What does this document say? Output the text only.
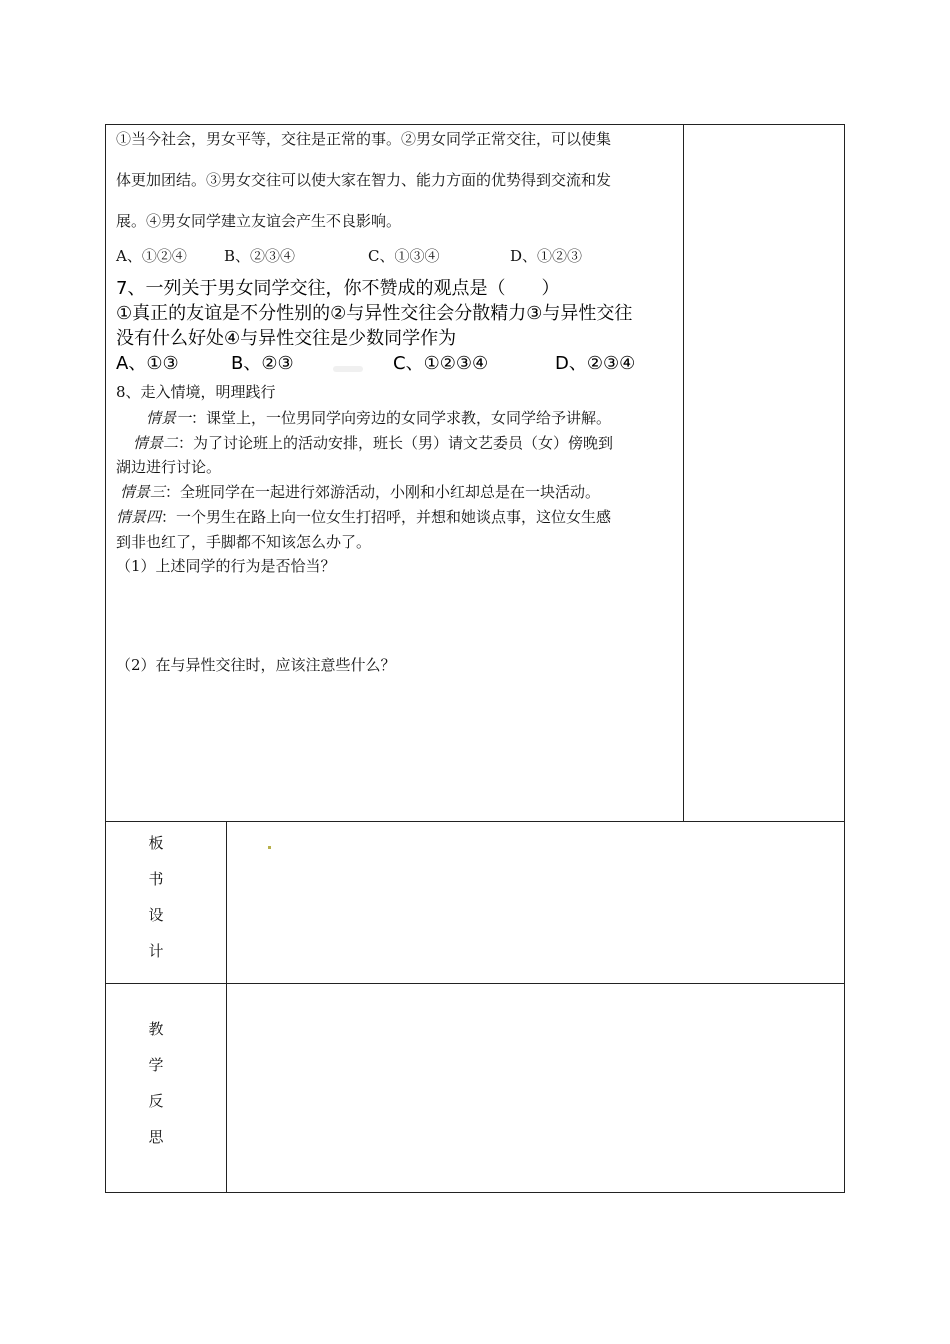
①当今社会，男女平等，交往是正常的事。②男女同学正常交往，可以使集
体更加团结。③男女交往可以使大家在智力、能力方面的优势得到交流和发
展。④男女同学建立友谊会产生不良影响。
A、①②④ B、②③④	C、①③④	D、①②③
7、一列关于男女同学交往，你不赞成的观点是（　　）
①真正的友谊是不分性别的②与异性交往会分散精力③与异性交往
没有什么好处④与异性交往是少数同学作为
A、①③	B、②③	C、①②③④	D、②③④
8、走入情境，明理践行
情景一：课堂上，一位男同学向旁边的女同学求教，女同学给予讲解。
情景二：为了讨论班上的活动安排，班长（男）请文艺委员（女）傍晚到
湖边进行讨论。
情景三：全班同学在一起进行郊游活动，小刚和小红却总是在一块活动。
情景四：一个男生在路上向一位女生打招呼，并想和她谈点事，这位女生感
到非也红了，手脚都不知该怎么办了。
（1）上述同学的行为是否恰当？
（2）在与异性交往时，应该注意些什么？
板
书
设
计
教
学
反
思
